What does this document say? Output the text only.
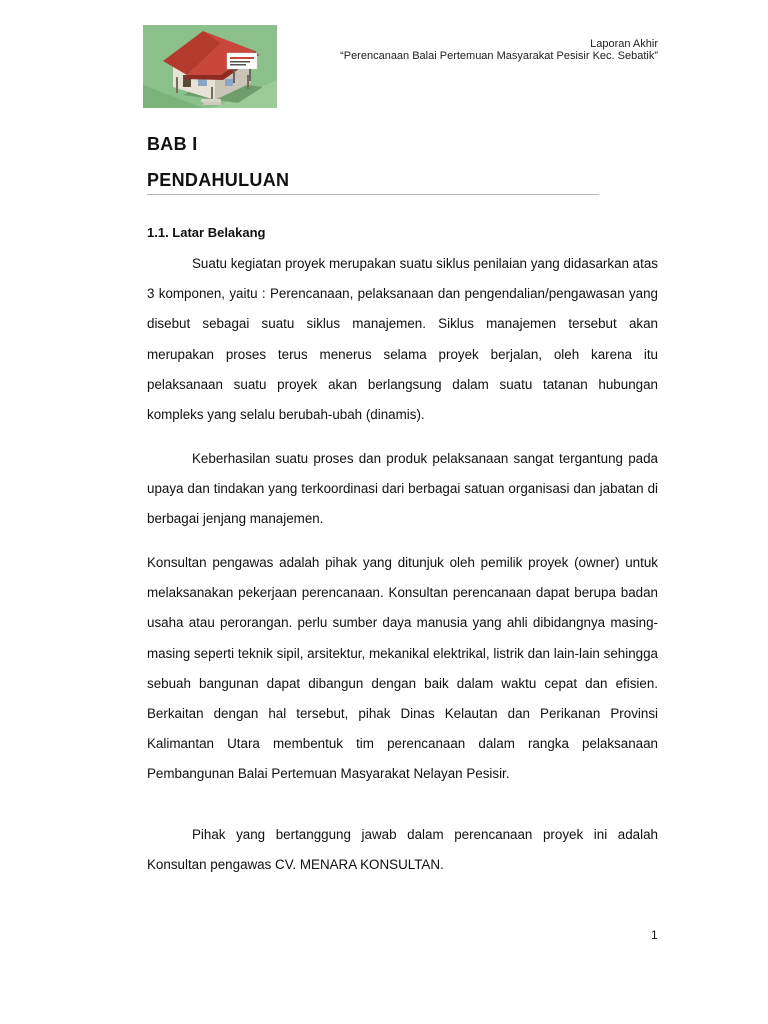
Laporan Akhir
“Perencanaan Balai Pertemuan Masyarakat Pesisir Kec. Sebatik”
BAB I
PENDAHULUAN
1.1. Latar Belakang

Suatu kegiatan proyek merupakan suatu siklus penilaian yang didasarkan atas 3 komponen, yaitu : Perencanaan, pelaksanaan dan pengendalian/pengawasan yang disebut sebagai suatu siklus manajemen. Siklus manajemen tersebut akan merupakan proses terus menerus selama proyek berjalan, oleh karena itu pelaksanaan suatu proyek akan berlangsung dalam suatu tatanan hubungan kompleks yang selalu berubah-ubah (dinamis).

Keberhasilan suatu proses dan produk pelaksanaan sangat tergantung pada upaya dan tindakan yang terkoordinasi dari berbagai satuan organisasi dan jabatan di berbagai jenjang manajemen.

Konsultan pengawas adalah pihak yang ditunjuk oleh pemilik proyek (owner) untuk melaksanakan pekerjaan perencanaan. Konsultan perencanaan dapat berupa badan usaha atau perorangan. perlu sumber daya manusia yang ahli dibidangnya masing-masing seperti teknik sipil, arsitektur, mekanikal elektrikal, listrik dan lain-lain sehingga sebuah bangunan dapat dibangun dengan baik dalam waktu cepat dan efisien. Berkaitan dengan hal tersebut, pihak Dinas Kelautan dan Perikanan Provinsi Kalimantan Utara membentuk tim perencanaan dalam rangka pelaksanaan Pembangunan Balai Pertemuan Masyarakat Nelayan Pesisir.

Pihak yang bertanggung jawab dalam perencanaan proyek ini adalah Konsultan pengawas CV. MENARA KONSULTAN.

1
